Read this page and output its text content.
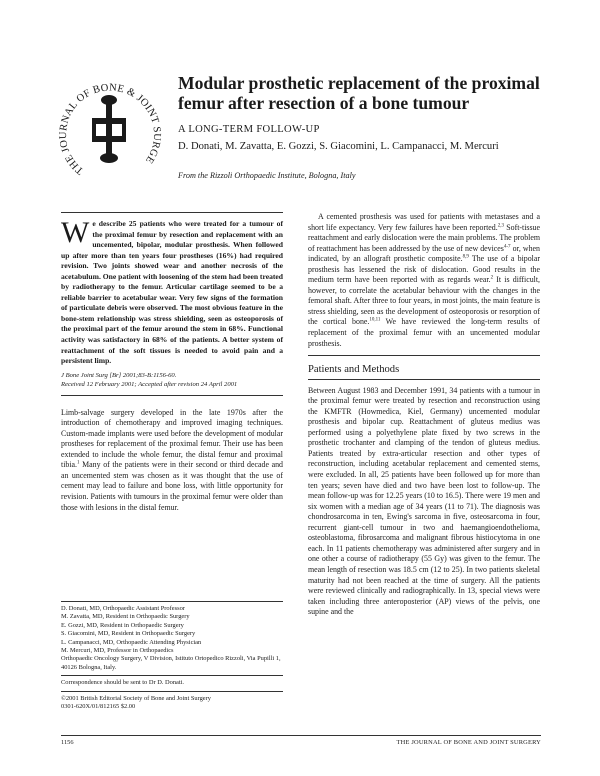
THE JOURNAL OF BONE & JOINT SURGE
Modular prosthetic replacement of the proximal femur after resection of a bone tumour
A LONG-TERM FOLLOW-UP
D. Donati, M. Zavatta, E. Gozzi, S. Giacomini, L. Campanacci, M. Mercuri
From the Rizzoli Orthopaedic Institute, Bologna, Italy

We describe 25 patients who were treated for a tumour of the proximal femur by resection and replacement with an uncemented, bipolar, modular prosthesis. When followed up after more than ten years four prostheses (16%) had required revision. Two joints showed wear and another necrosis of the acetabulum. One patient with loosening of the stem had been treated by radiotherapy to the femur. Articular cartilage seemed to be a reliable barrier to acetabular wear. Very few signs of the formation of particulate debris were observed. The most obvious feature in the bone-stem relationship was stress shielding, seen as osteoporosis of the proximal part of the femur around the stem in 68%. Functional activity was satisfactory in 68% of the patients. A better system of reattachment of the soft tissues is needed to avoid pain and a persistent limp.

J Bone Joint Surg [Br] 2001;83-B:1156-60.
Received 12 February 2001; Accepted after revision 24 April 2001

Limb-salvage surgery developed in the late 1970s after the introduction of chemotherapy and improved imaging techniques. Custom-made implants were used before the development of modular prostheses for replacement of the proximal femur. Their use has been extended to include the whole femur, the distal femur and proximal tibia.$^1$ Many of the patients were in their second or third decade and an uncemented stem was chosen as it was thought that the use of cement may lead to failure and bone loss, with little opportunity for revision. Patients with tumours in the proximal femur were older than those with lesions in the distal femur.

D. Donati, MD, Orthopaedic Assistant Professor

M. Zavatta, MD, Resident in Orthopaedic Surgery

E. Gozzi, MD, Resident in Orthopaedic Surgery

S. Giacomini, MD, Resident in Orthopaedic Surgery

L. Campanacci, MD, Orthopaedic Attending Physician

M. Mercuri, MD, Professor in Orthopaedics

Orthopaedic Oncology Surgery, V Division, Istituto Ortopedico Rizzoli, Via Pupilli 1, 40126 Bologna, Italy.

Correspondence should be sent to Dr D. Donati.

©2001 British Editorial Society of Bone and Joint Surgery

0301-620X/01/812165 $2.00

A cemented prosthesis was used for patients with metastases and a short life expectancy. Very few failures have been reported.$^{2,3}$ Soft-tissue reattachment and early dislocation were the main problems. The problem of reattachment has been addressed by the use of new devices$^{4-7}$ or, when indicated, by an allograft prosthetic composite.$^{8,9}$ The use of a bipolar prosthesis has lessened the risk of dislocation. Good results in the medium term have been reported with as regards wear.$^2$ It is difficult, however, to correlate the acetabular behaviour with the changes in the femoral shaft. After three to four years, in most joints, the main feature is stress shielding, seen as the development of osteoporosis or resorption of the cortical bone.$^{10,11}$ We have reviewed the long-term results of replacement of the proximal femur with an uncemented modular prosthesis.

Patients and Methods

Between August 1983 and December 1991, 34 patients with a tumour in the proximal femur were treated by resection and reconstruction using the KMFTR (Howmedica, Kiel, Germany) uncemented modular prosthesis and bipolar cup. Reattachment of gluteus medius was performed using a polyethylene plate fixed by two screws in the prosthetic trochanter and clamping of the tendon of gluteus medius. Patients treated by extra-articular resection and other types of reconstruction, including acetabular replacement and cemented stems, were excluded. In all, 25 patients have been followed up for more than ten years; seven have died and two have been lost to follow-up. The mean follow-up was for 12.25 years (10 to 16.5). There were 19 men and six women with a median age of 34 years (11 to 71). The diagnosis was chondrosarcoma in ten, Ewing's sarcoma in five, osteosarcoma in four, recurrent giant-cell tumour in two and haemangioendothelioma, osteoblastoma, fibrosarcoma and malignant fibrous histiocytoma in one each. In 11 patients chemotherapy was administered after surgery and in one other a course of radiotherapy (55 Gy) was given to the femur. The mean length of resection was 18.5 cm (12 to 25). In two patients skeletal maturity had not been reached at the time of surgery. All the patients were reviewed clinically and radiographically. In 13, special views were taken including three anteroposterior (AP) views of the pelvis, one supine and the

1156	THE JOURNAL OF BONE AND JOINT SURGERY
